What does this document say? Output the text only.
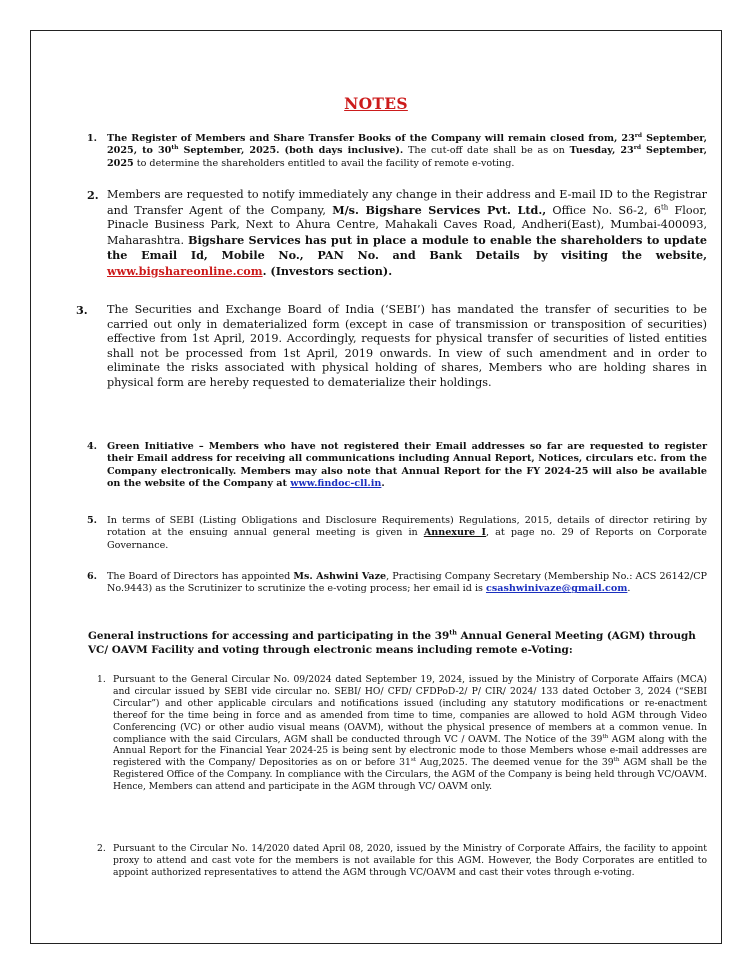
NOTES
1. The Register of Members and Share Transfer Books of the Company will remain closed from, 23rd September, 2025, to 30th September, 2025. (both days inclusive). The cut-off date shall be as on Tuesday, 23rd September, 2025 to determine the shareholders entitled to avail the facility of remote e-voting.
2. Members are requested to notify immediately any change in their address and E-mail ID to the Registrar and Transfer Agent of the Company, M/s. Bigshare Services Pvt. Ltd., Office No. S6-2, 6th Floor, Pinacle Business Park, Next to Ahura Centre, Mahakali Caves Road, Andheri(East), Mumbai-400093, Maharashtra. Bigshare Services has put in place a module to enable the shareholders to update the Email Id, Mobile No., PAN No. and Bank Details by visiting the website, www.bigshareonline.com. (Investors section).
3. The Securities and Exchange Board of India (‘SEBI’) has mandated the transfer of securities to be carried out only in dematerialized form (except in case of transmission or transposition of securities) effective from 1st April, 2019. Accordingly, requests for physical transfer of securities of listed entities shall not be processed from 1st April, 2019 onwards. In view of such amendment and in order to eliminate the risks associated with physical holding of shares, Members who are holding shares in physical form are hereby requested to dematerialize their holdings.
4. Green Initiative – Members who have not registered their Email addresses so far are requested to register their Email address for receiving all communications including Annual Report, Notices, circulars etc. from the Company electronically. Members may also note that Annual Report for the FY 2024-25 will also be available on the website of the Company at www.findoc-cll.in.
5. In terms of SEBI (Listing Obligations and Disclosure Requirements) Regulations, 2015, details of director retiring by rotation at the ensuing annual general meeting is given in Annexure I, at page no. 29 of Reports on Corporate Governance.
6. The Board of Directors has appointed Ms. Ashwini Vaze, Practising Company Secretary (Membership No.: ACS 26142/CP No.9443) as the Scrutinizer to scrutinize the e-voting process; her email id is csashwinivaze@gmail.com.
General instructions for accessing and participating in the 39th Annual General Meeting (AGM) through VC/ OAVM Facility and voting through electronic means including remote e-Voting:
1. Pursuant to the General Circular No. 09/2024 dated September 19, 2024, issued by the Ministry of Corporate Affairs (MCA) and circular issued by SEBI vide circular no. SEBI/ HO/ CFD/ CFDPoD-2/ P/ CIR/ 2024/ 133 dated October 3, 2024 (“SEBI Circular”) and other applicable circulars and notifications issued (including any statutory modifications or re-enactment thereof for the time being in force and as amended from time to time, companies are allowed to hold AGM through Video Conferencing (VC) or other audio visual means (OAVM), without the physical presence of members at a common venue. In compliance with the said Circulars, AGM shall be conducted through VC / OAVM. The Notice of the 39th AGM along with the Annual Report for the Financial Year 2024-25 is being sent by electronic mode to those Members whose e-mail addresses are registered with the Company/ Depositories as on or before 31st Aug,2025. The deemed venue for the 39th AGM shall be the Registered Office of the Company. In compliance with the Circulars, the AGM of the Company is being held through VC/OAVM. Hence, Members can attend and participate in the AGM through VC/ OAVM only.
2. Pursuant to the Circular No. 14/2020 dated April 08, 2020, issued by the Ministry of Corporate Affairs, the facility to appoint proxy to attend and cast vote for the members is not available for this AGM. However, the Body Corporates are entitled to appoint authorized representatives to attend the AGM through VC/OAVM and cast their votes through e-voting.
